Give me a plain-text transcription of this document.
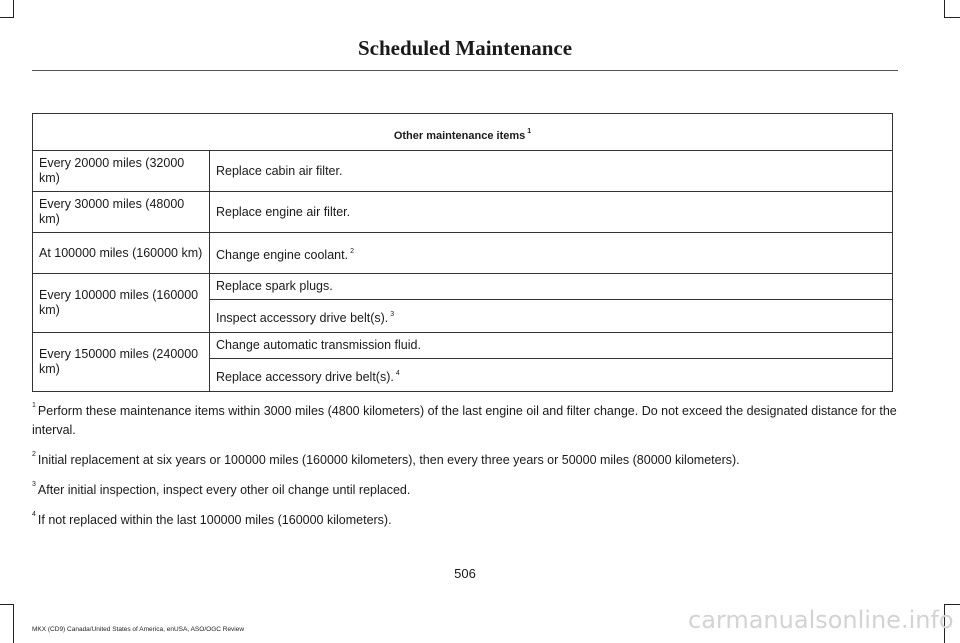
Scheduled Maintenance
Other maintenance items $^1$
Every 20000 miles (32000 km)	Replace cabin air filter.
Every 30000 miles (48000 km)	Replace engine air filter.
At 100000 miles (160000 km)	Change engine coolant. $^2$
Every 100000 miles (160000 km)	Replace spark plugs.
	Inspect accessory drive belt(s). $^3$
Every 150000 miles (240000 km)	Change automatic transmission fluid.
	Replace accessory drive belt(s). $^4$

$^1$ Perform these maintenance items within 3000 miles (4800 kilometers) of the last engine oil and filter change. Do not exceed the designated distance for the interval.

$^2$ Initial replacement at six years or 100000 miles (160000 kilometers), then every three years or 50000 miles (80000 kilometers).

$^3$ After initial inspection, inspect every other oil change until replaced.

$^4$ If not replaced within the last 100000 miles (160000 kilometers).

506
MKX (CD9) Canada/United States of America, enUSA, ASO/OGC Review	carmanualsonline.info
